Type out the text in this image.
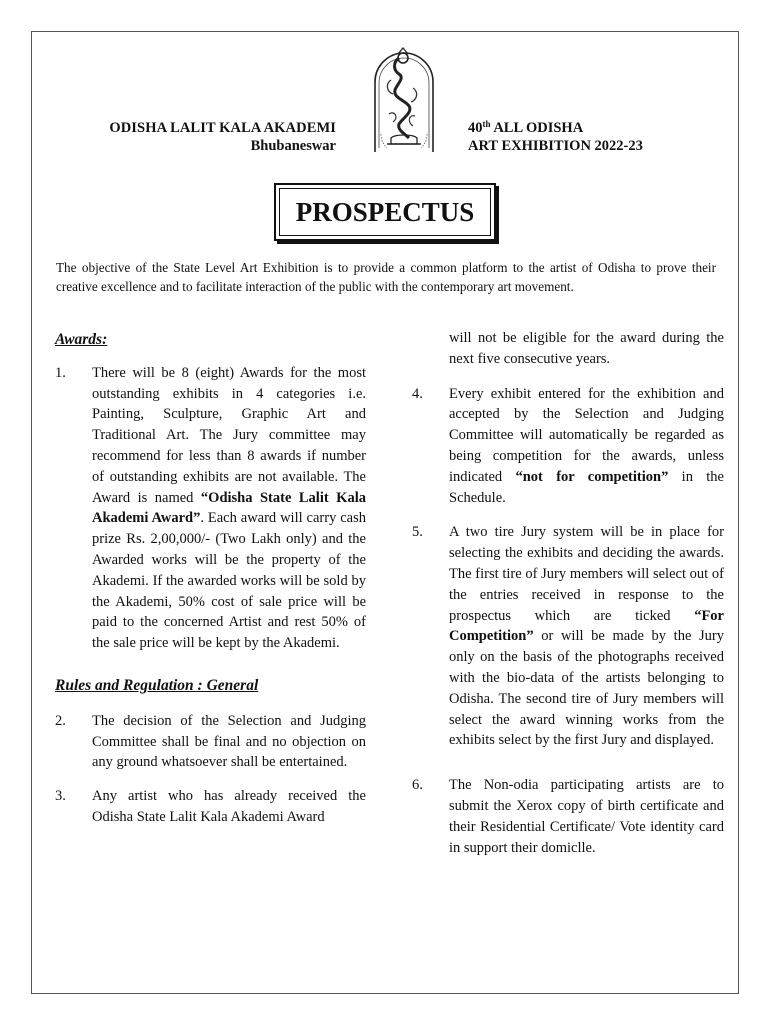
ODISHA LALIT KALA AKADEMI
Bhubaneswar
40th ALL ODISHA
ART EXHIBITION 2022-23
PROSPECTUS
The objective of the State Level Art Exhibition is to provide a common platform to the artist of Odisha to prove their creative excellence and to facilitate interaction of the public with the contemporary art movement.
Awards:
1.	There will be 8 (eight) Awards for the most outstanding exhibits in 4 categories i.e. Painting, Sculpture, Graphic Art and Traditional Art. The Jury committee may recommend for less than 8 awards if number of outstanding exhibits are not available. The Award is named “Odisha State Lalit Kala Akademi Award”. Each award will carry cash prize Rs. 2,00,000/- (Two Lakh only) and the Awarded works will be the property of the Akademi. If the awarded works will be sold by the Akademi, 50% cost of sale price will be paid to the concerned Artist and rest 50% of the sale price will be kept by the Akademi.
Rules and Regulation : General
2.	The decision of the Selection and Judging Committee shall be final and no objection on any ground whatsoever shall be entertained.
3.	Any artist who has already received the Odisha State Lalit Kala Akademi Award
will not be eligible for the award during the next five consecutive years.
4.	Every exhibit entered for the exhibition and accepted by the Selection and Judging Committee will automatically be regarded as being competition for the awards, unless indicated “not for competition” in the Schedule.
5.	A two tire Jury system will be in place for selecting the exhibits and deciding the awards. The first tire of Jury members will select out of the entries received in response to the prospectus which are ticked “For Competition” or will be made by the Jury only on the basis of the photographs received with the bio-data of the artists belonging to Odisha. The second tire of Jury members will select the award winning works from the exhibits select by the first Jury and displayed.
6.	The Non-odia participating artists are to submit the Xerox copy of birth certificate and their Residential Certificate/ Vote identity card in support their domiclle.
